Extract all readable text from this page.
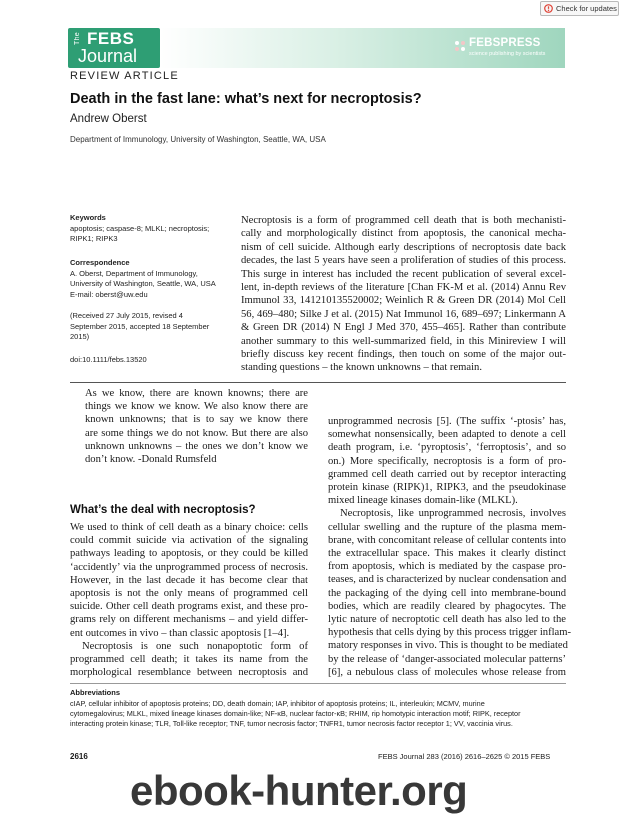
Check for updates
The FEBS
Journal
FEBSPRESS
science publishing by scientists
REVIEW ARTICLE
Death in the fast lane: what’s next for necroptosis?
Andrew Oberst
Department of Immunology, University of Washington, Seattle, WA, USA
Keywords
apoptosis; caspase-8; MLKL; necroptosis;
RIPK1; RIPK3
Correspondence
A. Oberst, Department of Immunology,
University of Washington, Seattle, WA, USA
E-mail: oberst@uw.edu
(Received 27 July 2015, revised 4
September 2015, accepted 18 September
2015)
doi:10.1111/febs.13520
Necroptosis is a form of programmed cell death that is both mechanisti-
cally and morphologically distinct from apoptosis, the canonical mecha-
nism of cell suicide. Although early descriptions of necroptosis date back
decades, the last 5 years have seen a proliferation of studies of this process.
This surge in interest has included the recent publication of several excel-
lent, in-depth reviews of the literature [Chan FK-M et al. (2014) Annu Rev
Immunol 33, 141210135520002; Weinlich R & Green DR (2014) Mol Cell
56, 469–480; Silke J et al. (2015) Nat Immunol 16, 689–697; Linkermann A
& Green DR (2014) N Engl J Med 370, 455–465]. Rather than contribute
another summary to this well-summarized field, in this Minireview I will
briefly discuss key recent findings, then touch on some of the major out-
standing questions – the known unknowns – that remain.
As we know, there are known knowns; there are
things we know we know. We also know there are
known unknowns; that is to say we know there
are some things we do not know. But there are also
unknown unknowns – the ones we don’t know we
don’t know. -Donald Rumsfeld
What’s the deal with necroptosis?
We used to think of cell death as a binary choice: cells
could commit suicide via activation of the signaling
pathways leading to apoptosis, or they could be killed
‘accidently’ via the unprogrammed process of necrosis.
However, in the last decade it has become clear that
apoptosis is not the only means of programmed cell
suicide. Other cell death programs exist, and these pro-
grams rely on different mechanisms – and yield differ-
ent outcomes in vivo – than classic apoptosis [1–4].
Necroptosis is one such nonapoptotic form of
programmed cell death; it takes its name from the
morphological resemblance between necroptosis and
unprogrammed necrosis [5]. (The suffix ‘-ptosis’ has,
somewhat nonsensically, been adapted to denote a cell
death program, i.e. ‘pyroptosis’, ‘ferroptosis’, and so
on.) More specifically, necroptosis is a form of pro-
grammed cell death carried out by receptor interacting
protein kinase (RIPK)1, RIPK3, and the pseudokinase
mixed lineage kinases domain-like (MLKL).
Necroptosis, like unprogrammed necrosis, involves
cellular swelling and the rupture of the plasma mem-
brane, with concomitant release of cellular contents into
the extracellular space. This makes it clearly distinct
from apoptosis, which is mediated by the caspase pro-
teases, and is characterized by nuclear condensation and
the packaging of the dying cell into membrane-bound
bodies, which are readily cleared by phagocytes. The
lytic nature of necroptotic cell death has also led to the
hypothesis that cells dying by this process trigger inflam-
matory responses in vivo. This is thought to be mediated
by the release of ‘danger-associated molecular patterns’
[6], a nebulous class of molecules whose release from
Abbreviations
cIAP, cellular inhibitor of apoptosis proteins; DD, death domain; IAP, inhibitor of apoptosis proteins; IL, interleukin; MCMV, murine
cytomegalovirus; MLKL, mixed lineage kinases domain-like; NF-κB, nuclear factor-κB; RHIM, rip homotypic interaction motif; RIPK, receptor
interacting protein kinase; TLR, Toll-like receptor; TNF, tumor necrosis factor; TNFR1, tumor necrosis factor receptor 1; VV, vaccinia virus.
2616	FEBS Journal 283 (2016) 2616–2625 © 2015 FEBS
ebook-hunter.org
